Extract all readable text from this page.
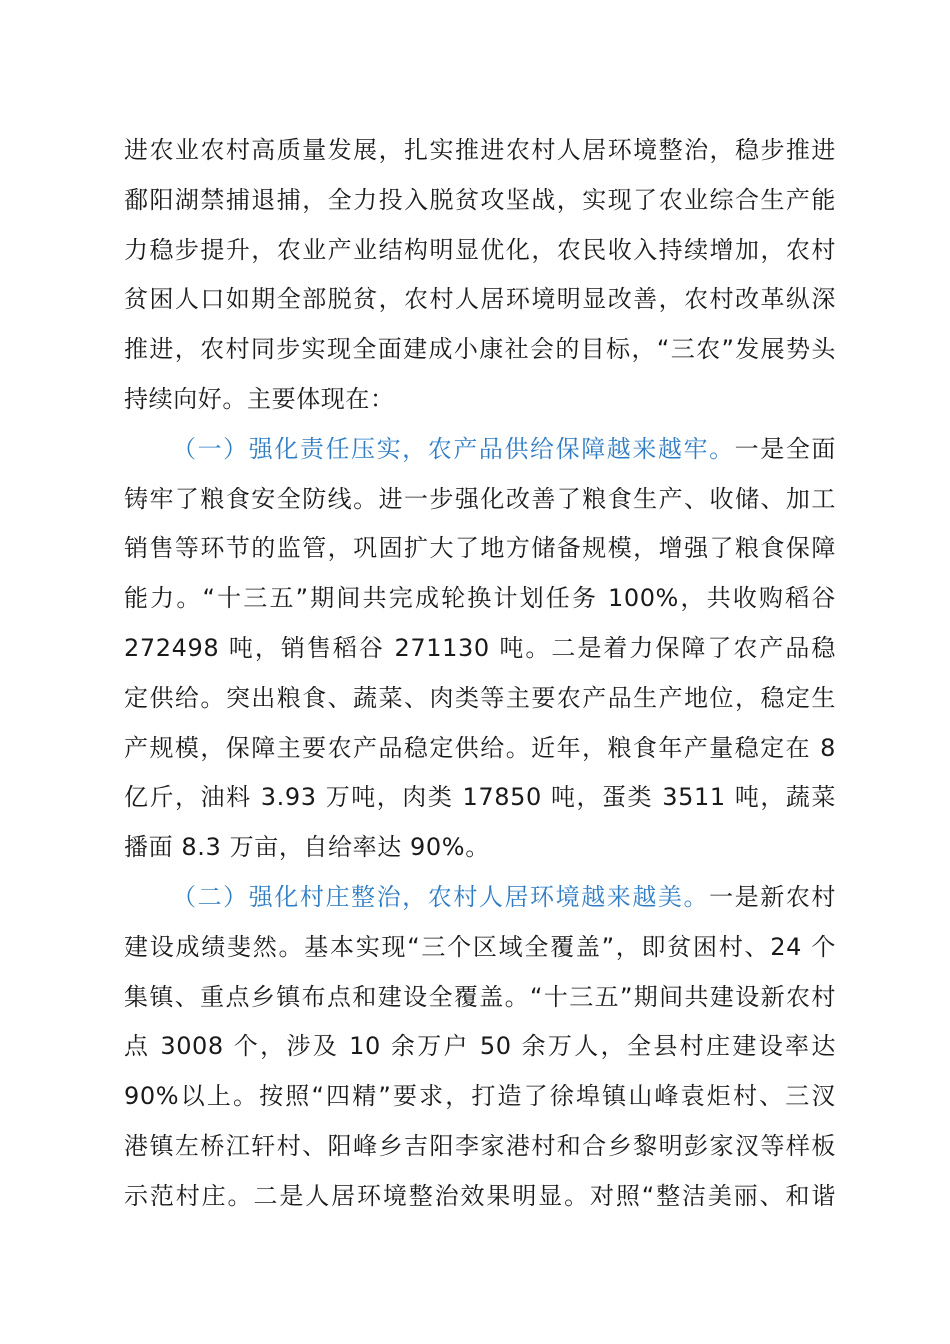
进农业农村高质量发展，扎实推进农村人居环境整治，稳步推进
鄱阳湖禁捕退捕，全力投入脱贫攻坚战，实现了农业综合生产能
力稳步提升，农业产业结构明显优化，农民收入持续增加，农村
贫困人口如期全部脱贫，农村人居环境明显改善，农村改革纵深
推进，农村同步实现全面建成小康社会的目标，“三农”发展势头
持续向好。主要体现在：
（一）强化责任压实，农产品供给保障越来越牢。一是全面
铸牢了粮食安全防线。进一步强化改善了粮食生产、收储、加工
销售等环节的监管，巩固扩大了地方储备规模，增强了粮食保障
能力。“十三五”期间共完成轮换计划任务 100%，共收购稻谷
272498 吨，销售稻谷 271130 吨。二是着力保障了农产品稳
定供给。突出粮食、蔬菜、肉类等主要农产品生产地位，稳定生
产规模，保障主要农产品稳定供给。近年，粮食年产量稳定在 8
亿斤，油料 3.93 万吨，肉类 17850 吨，蛋类 3511 吨，蔬菜
播面 8.3 万亩，自给率达 90%。
（二）强化村庄整治，农村人居环境越来越美。一是新农村
建设成绩斐然。基本实现“三个区域全覆盖”，即贫困村、24 个
集镇、重点乡镇布点和建设全覆盖。“十三五”期间共建设新农村
点 3008 个，涉及 10 余万户 50 余万人，全县村庄建设率达
90%以上。按照“四精”要求，打造了徐埠镇山峰袁炬村、三汊
港镇左桥江轩村、阳峰乡吉阳李家港村和合乡黎明彭家汊等样板
示范村庄。二是人居环境整治效果明显。对照“整洁美丽、和谐
